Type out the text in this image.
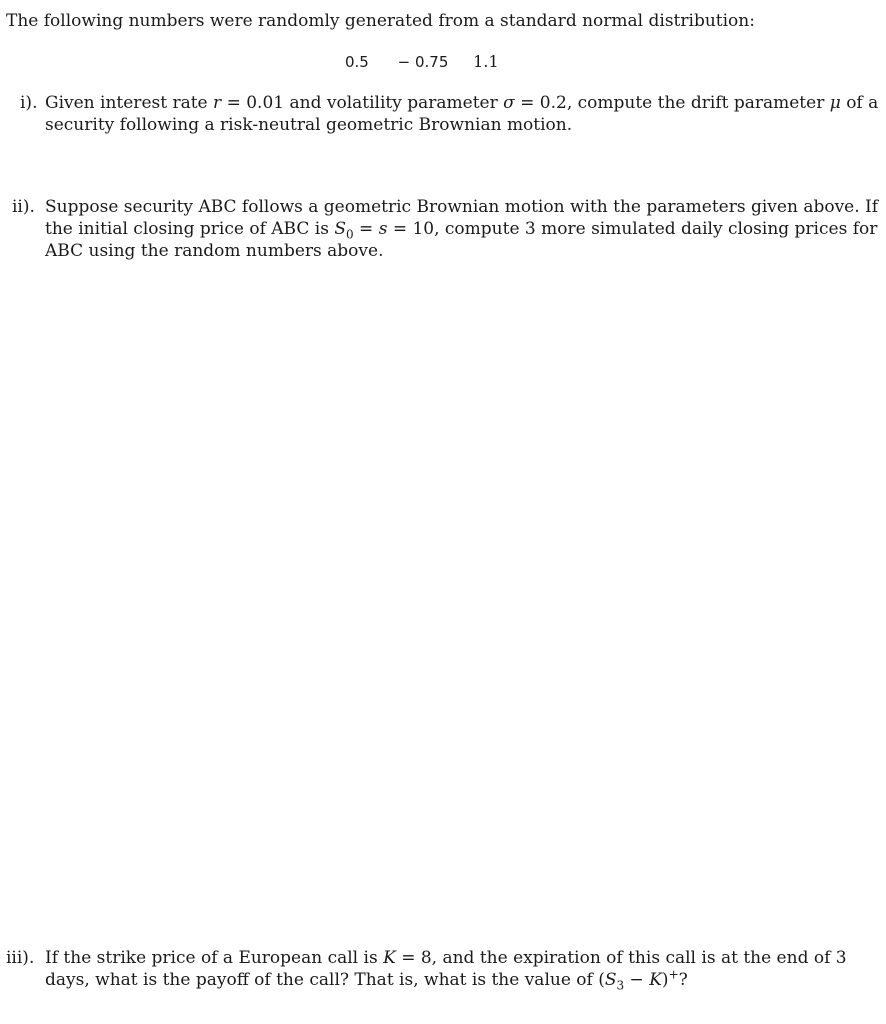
The following numbers were randomly generated from a standard normal distribution:
0.5 − 0.75 1.1
i). Given interest rate r = 0.01 and volatility parameter σ = 0.2, compute the drift parameter μ of a
security following a risk-neutral geometric Brownian motion.
ii). Suppose security ABC follows a geometric Brownian motion with the parameters given above. If
the initial closing price of ABC is $S_0 = s = 10$, compute 3 more simulated daily closing prices for
ABC using the random numbers above.
iii). If the strike price of a European call is K = 8, and the expiration of this call is at the end of 3
days, what is the payoff of the call? That is, what is the value of $(S_3 - K)^+$?
